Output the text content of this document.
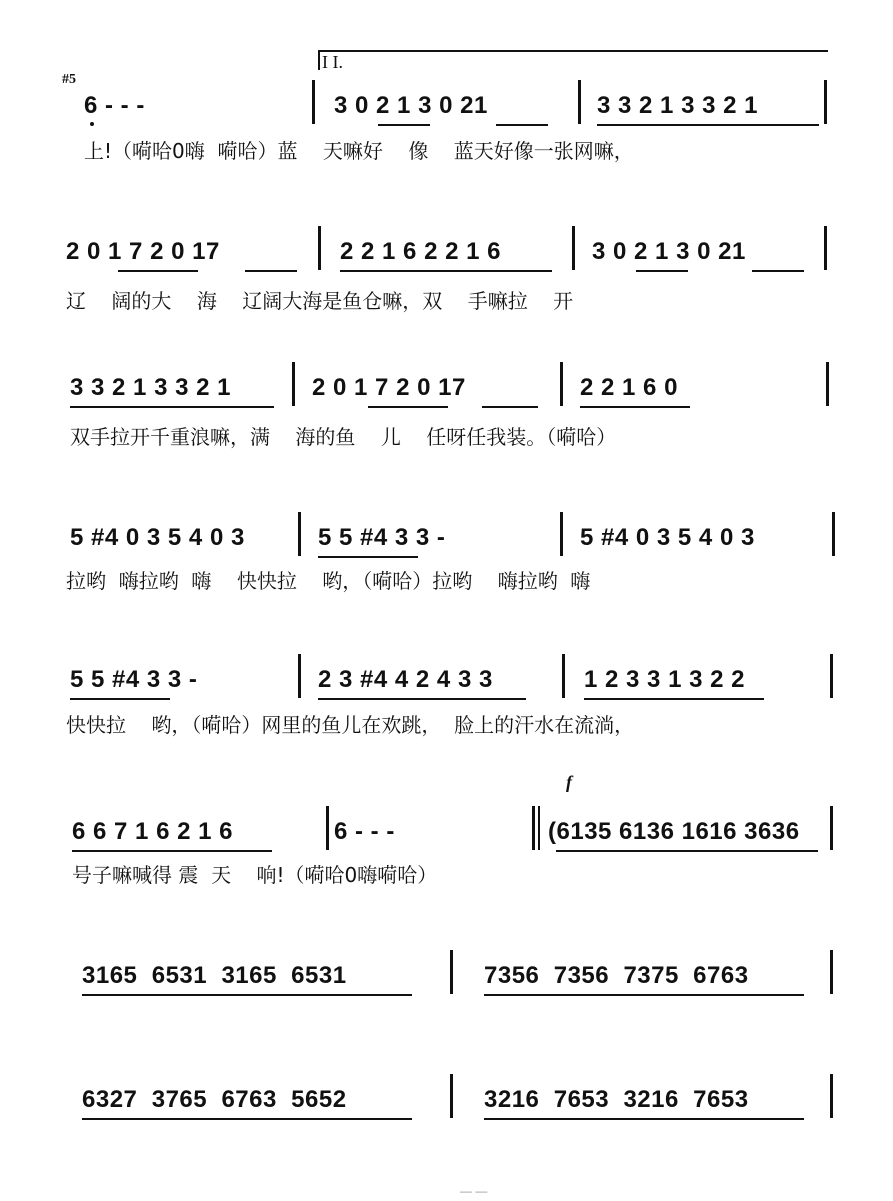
I I.
#5
6 - - -	3 0 2 1 3 0 21	3 3 2 1 3 3 2 1
上!（嗬哈0嗨  嗬哈）蓝    天嘛好    像    蓝天好像一张网嘛，
2 0 1 7 2 0 17	2 2 1 6 2 2 1 6	3 0 2 1 3 0 21
辽    阔的大    海    辽阔大海是鱼仓嘛，双    手嘛拉    开
3 3 2 1 3 3 2 1	2 0 1 7 2 0 17	2 2 1 6 0
双手拉开千重浪嘛，满    海的鱼    儿    任呀任我装。（嗬哈）
5 #4 0 3 5 4 0 3	5 5 #4 3 3 -	5 #4 0 3 5 4 0 3
拉哟  嗨拉哟  嗨    快快拉    哟，（嗬哈）拉哟    嗨拉哟  嗨
5 5 #4 3 3 -	2 3 #4 4 2 4 3 3	1 2 3 3 1 3 2 2
快快拉    哟，（嗬哈）网里的鱼儿在欢跳，  脸上的汗水在流淌，
f
6 6 7 1 6 2 1 6	6 - - -	(6135 6136 1616 3636
号子嘛喊得 震  天    响!（嗬哈0嗨嗬哈）
3165  6531  3165  6531	7356  7356  7375  6763
6327  3765  6763  5652	3216  7653  3216  7653
— —
